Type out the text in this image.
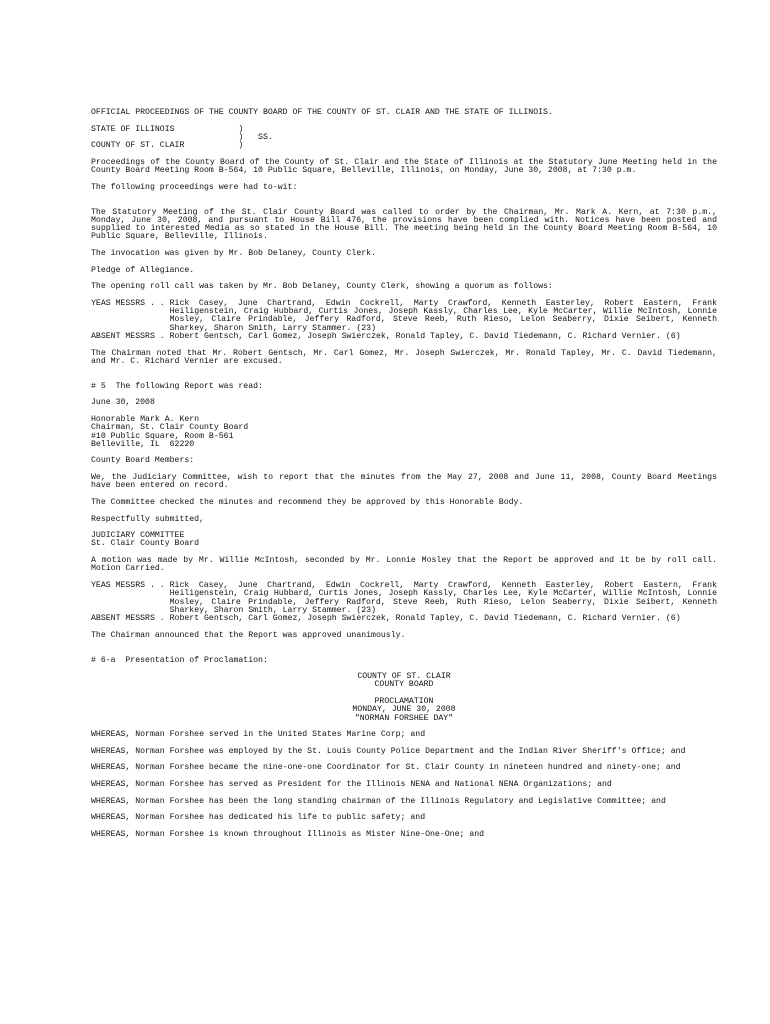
OFFICIAL PROCEEDINGS OF THE COUNTY BOARD OF THE COUNTY OF ST. CLAIR AND THE STATE OF ILLINOIS.

STATE OF ILLINOIS             )
)   SS.
COUNTY OF ST. CLAIR           )

Proceedings of the County Board of the County of St. Clair and the State of Illinois at the Statutory June Meeting held in the County Board Meeting Room B-564, 10 Public Square, Belleville, Illinois, on Monday, June 30, 2008, at 7:30 p.m.

The following proceedings were had to-wit:

The Statutory Meeting of the St. Clair County Board was called to order by the Chairman, Mr. Mark A. Kern, at 7:30 p.m., Monday, June 30, 2008, and pursuant to House Bill 476, the provisions have been complied with. Notices have been posted and supplied to interested Media as so stated in the House Bill. The meeting being held in the County Board Meeting Room B-564, 10 Public Square, Belleville, Illinois.

The invocation was given by Mr. Bob Delaney, County Clerk.

Pledge of Allegiance.

The opening roll call was taken by Mr. Bob Delaney, County Clerk, showing a quorum as follows:

YEAS MESSRS . . Rick Casey, June Chartrand, Edwin Cockrell, Marty Crawford, Kenneth Easterley, Robert Eastern, Frank Heiligenstein, Craig Hubbard, Curtis Jones, Joseph Kassly, Charles Lee, Kyle McCarter, Willie McIntosh, Lonnie Mosley, Claire Prindable, Jeffery Radford, Steve Reeb, Ruth Rieso, Lelon Seaberry, Dixie Seibert, Kenneth Sharkey, Sharon Smith, Larry Stammer. (23)
ABSENT MESSRS . Robert Gentsch, Carl Gomez, Joseph Swierczek, Ronald Tapley, C. David Tiedemann, C. Richard Vernier. (6)

The Chairman noted that Mr. Robert Gentsch, Mr. Carl Gomez, Mr. Joseph Swierczek, Mr. Ronald Tapley, Mr. C. David Tiedemann, and Mr. C. Richard Vernier are excused.

# 5  The following Report was read:

June 30, 2008

Honorable Mark A. Kern
Chairman, St. Clair County Board
#10 Public Square, Room B-561
Belleville, IL  62220

County Board Members:

We, the Judiciary Committee, wish to report that the minutes from the May 27, 2008 and June 11, 2008, County Board Meetings have been entered on record.

The Committee checked the minutes and recommend they be approved by this Honorable Body.

Respectfully submitted,

JUDICIARY COMMITTEE
St. Clair County Board

A motion was made by Mr. Willie McIntosh, seconded by Mr. Lonnie Mosley that the Report be approved and it be by roll call. Motion Carried.

YEAS MESSRS . . Rick Casey, June Chartrand, Edwin Cockrell, Marty Crawford, Kenneth Easterley, Robert Eastern, Frank Heiligenstein, Craig Hubbard, Curtis Jones, Joseph Kassly, Charles Lee, Kyle McCarter, Willie McIntosh, Lonnie Mosley, Claire Prindable, Jeffery Radford, Steve Reeb, Ruth Rieso, Lelon Seaberry, Dixie Seibert, Kenneth Sharkey, Sharon Smith, Larry Stammer. (23)
ABSENT MESSRS . Robert Gentsch, Carl Gomez, Joseph Swierczek, Ronald Tapley, C. David Tiedemann, C. Richard Vernier. (6)

The Chairman announced that the Report was approved unanimously.

# 6-a  Presentation of Proclamation:

COUNTY OF ST. CLAIR
COUNTY BOARD

PROCLAMATION
MONDAY, JUNE 30, 2008
"NORMAN FORSHEE DAY"

WHEREAS, Norman Forshee served in the United States Marine Corp; and

WHEREAS, Norman Forshee was employed by the St. Louis County Police Department and the Indian River Sheriff's Office; and

WHEREAS, Norman Forshee became the nine-one-one Coordinator for St. Clair County in nineteen hundred and ninety-one; and

WHEREAS, Norman Forshee has served as President for the Illinois NENA and National NENA Organizations; and

WHEREAS, Norman Forshee has been the long standing chairman of the Illinois Regulatory and Legislative Committee; and

WHEREAS, Norman Forshee has dedicated his life to public safety; and

WHEREAS, Norman Forshee is known throughout Illinois as Mister Nine-One-One; and
